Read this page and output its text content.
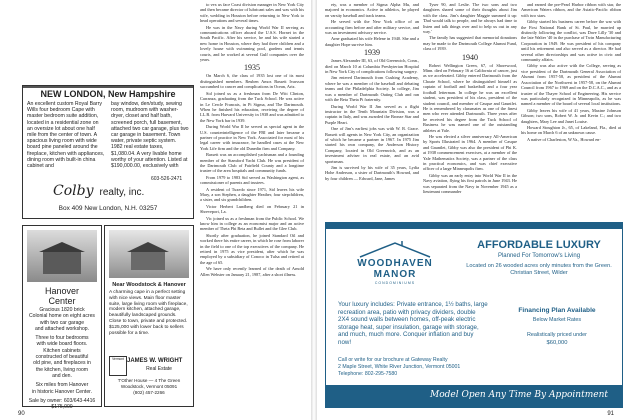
NEW LONDON, New Hampshire
An excellent custom Royal Barry Wills four bedroom Cape with master bedroom suite addition, located in a residential zone on an oversize lot about one half mile from the center of town. A spacious living room with wide board pine paneled around the fireplace, kitchen with appliances, dining room with built-in china cabinet and
bay window, den/study, sewing room, mudroom with washer-dryer, closet and half bath, screened porch, full basement, attached two car garage, plus two car garage in basement. Town water, private septic system. 1982 real estate taxes, $1,080.04. A very livable home worthy of your attention. Listed at $190,000.00, exclusively with
Colby realty, inc.
603-526-2471
Box 409 New London, N.H. 03257
Hanover
Center
Gracious 1820 brick
Colonial home on eight acres
with two car garage
and attached workshop.
Three to four bedrooms
with wide board floors.
Kitchen cabinets
constructed of beautiful
old pine, and fireplaces in
the kitchen, living room
and den.
Six miles from Hanover
in historic Hanover Center.
Sale by owner: 603/643-4416
$175,000
Near Woodstock & Hanover
A charming cape in a perfect setting with nice views. Main floor master suite, large living room with fireplace, modern kitchen, attached garage, beautifully landscaped grounds. Close to town, private and protected. $125,000 with lower back to sellers possible for a time.
Vermont JAMES W. WRIGHT
Real Estate
T'Other House — 4 The Green
Woodstock, Vermont 05091
(802) 457-2266

to vex us face Coast division manager in New York City and then became director of lubricant sales and was with his wife, wedding in Houston before returning to New York to head operations and several times.

He was in the Navy during World War II serving as communications officer aboard the U.S.S. Hornet in the South Pacific. After his service, he and his wife started a new home in Houston, where they had three children and a lovely house with swimming pool, gardens and tennis courts, and he worked at several Gulf companies over the years.

1935

On March 6, the class of 1935 lost one of its most distinguished members. Reuben Amos Bassett Ivarsson succumbed to cancer and complications in Ocean, Ariz.

Sid joined us as a freshman from De Witt Clinton, Carranza, graduating from the Tuck School. He was active in Le Cercle Francais, in Pi Sigma, and The Dartmouth. When he finished his education, receiving the degree of LL.B. from Harvard University in 1938 and was admitted to the New York bar in 1939.

During World War II he served as special agent in the U.S. counterintelligence of the FBI and later became a partner of practice in New York. Associated for most of his legal career with insurance, he handled cases at the New York Life firm and the old Dunedin firm and Company.

Bassett was an accomplished yachtsman and a founding member of the Stamford Yacht Club. He was president of the Dartmouth Club of Fairfield County and a longtime trustee of the area hospitals and community funds.

From 1979 to 1983 Sid served as Washington agent, as commissioner of parents and trustees.

A resident of Tuxedo since 1971, Sid leaves his wife Mary, a son Stephen, a daughter Heather, four stepchildren, a sister, and six grandchildren.

Victor Herbert Lundberg died on February 21 in Shreveport, La.

Vic joined us as a freshman from the Public School. We know him in college as an economist major and an active member of Theta Phi Beta and Bullet and the Glee Club.

Shortly after graduation, he joined Standard Oil and worked there his entire career, in which he rose from laborer in the field to one of the top executives of the company. He retired in 1975 as vice president, after which he was employed by a subsidiary of Conoco in Tulsa and retired at the age of 65.

We have only recently learned of the death of Arnold Allen Webster on January 21, 1987, after a short illness.

90

ety, was a member of Sigma Alpha Mu, and majored in economics. Active in athletics, he played on varsity baseball and track teams.

He served with the New York office of an accounting firm before and after military service, and was an investment advisory service.

Arne graduated his wife Helene in 1940. She and a daughter Hope survive him.

1939

James Alexander III, 63, of Old Greenwich, Conn., died on March 10 at Columbia Presbyterian Hospital in New York City of complications following surgery.

Jim entered Dartmouth from Cushing Academy, where he was a member of the baseball and debating teams and the Philadelphia Society. In college, Jim was a member of Dartmouth Outing Club and ran with the Beta Theta Pi fraternity.

During World War II Jim served as a flight instructor in the Tenth Mountain Division, was a captain in Italy, and was awarded the Bronze Star and Purple Heart.

One of Jim's earliest jobs was with W. R. Grace. Bassett will agents in New York City, an organization of which he became a partner in 1967. In 1975 Jim started his own company, the Anderson History Company, located in Old Greenwich, and as an investment adviser in real estate, and an avid sportsman.

Jim is survived by his wife of 35 years, Lydia Hohe Anderson, a sister of Dartmouth's Howard, and by four children — Edward, Jane, James

Tyser 90, and Leslie. The two sons and two daughters shared some of their thoughts about Jim with the class. Jim's daughter Maggie summed it up: 'Dad would talk to people, and he always had time to listen and talk things over and to help us out in any way.'

The family has suggested that memorial donations may be made to the Dartmouth College Alumni Fund, class of 1939.

1940

Robert Wellington Green, 67, of Shorewood, Minn. died on February 16 at California of cancer, just as we accelerated. Gibby entered Dartmouth from the Choate School, where he distinguished himself as captain of football and basketball and a four year football letterman. In college he was an excellent student, was president of his class, president of the student council, and member of Casque and Gauntlet. He is remembered by classmates as one of the finest men who ever attended Dartmouth. Three years after he received his degree from the Tuck School of Business he was named one of the outstanding athletes at Yale.

He was elected a silver anniversary All-American by Sports Illustrated in 1964. A member of Casque and Gauntlet, Gibby was also the president of Phi K. at 1938 commencement exercises, at a member of the Yale Mathematics Society, was a partner of the class in practical economics, and was chief executive officer of a large Minneapolis firm.

Gibby was an early entry into World War II in the Navy aviation, flying his first patrols in June 1943. He was separated from the Navy in November 1945 as a lieutenant commander

and earned the pre-Pearl Harbor ribbon with star, the American Waters ribbon, and the Asiatic-Pacific ribbon with two stars.

Gibby started his business career before the war with the First National Bank of St. Paul, he married up distinctly following the conflict, was Dave Lilly '30 and the late Walter '40 in the purchase of Twin Manufacturing Corporation in 1949. He was president of his company until his retirement and also served as a director. He had several other directorships and was active in civic and community affairs.

Gibby was also active with the College, serving as vice president of the Dartmouth General Association of Alumni from 1957-58, as president of the Alumni Association of the Northwest in 1957-58, on the Alumni Council from 1967 to 1969 and on the D.C.A.C., and as a trustee of the Thayer School of Engineering. His service was particularly recognized in Minneapolis, as he was named a member of the board of several local institutions.

Gibby leaves his wife of 41 years, Maxine Johnson Gibson; two sons, Robert W. Jr. and Kevin C.; and two daughters, Mary Lee and Janet Louise.

Howard Stoughton Jr., 65, of Lakeland, Fla., died at his home on March 6 of an unknown cause.

A native of Charleston, W.Va., Howard en-

WOODHAVEN
MANOR
CONDOMINIUMS
AFFORDABLE LUXURY
Planned For Tomorrow's Living
Located on 26 wooded acres only minutes from the Green. Christian Street, Wilder
Your luxury includes: Private entrance, 1½ baths, large recreation area, patio with privacy dividers, double 2X4 sound walls between homes, off-peak electric storage heat, super insulation, garage with storage, and much, much more. Conquer inflation and buy now!
Call or write for our brochure at Gateway Realty
2 Maple Street, White River Junction, Vermont 05001
Telephone: 802-295-7580
Financing Plan Available
Below Market Rates
Realistically priced under
$60,000
Model Open Any Time By Appointment
91
